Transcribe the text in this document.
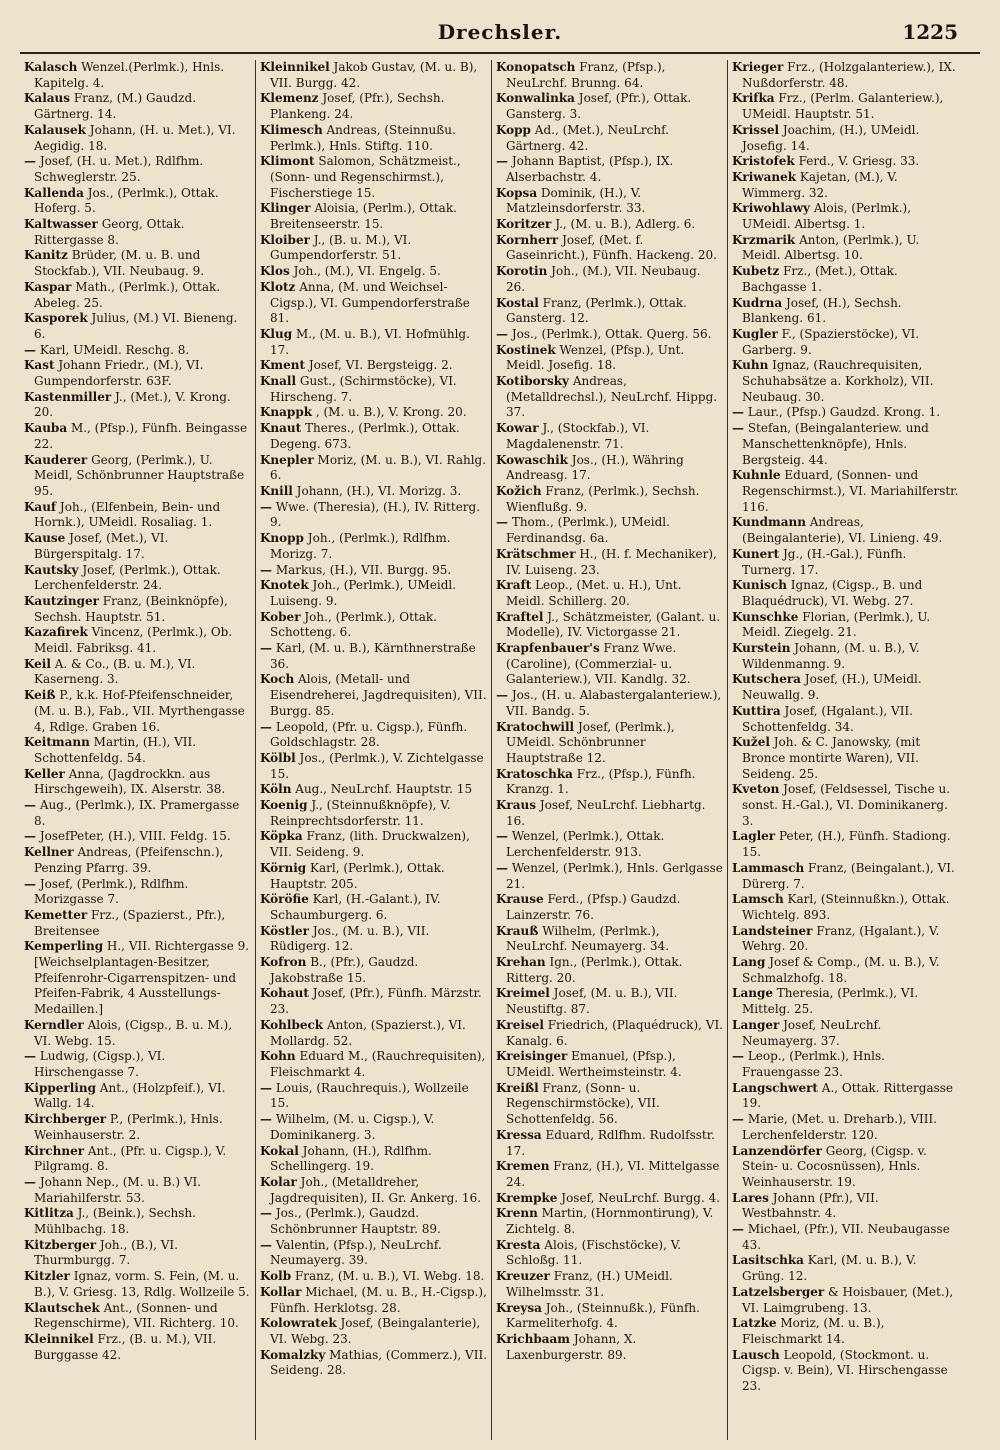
Drechsler.	1225
Kalasch Wenzel.(Perlmk.), Hnls. Kapitelg. 4.
Kalaus Franz, (M.) Gaudzd. Gärtnerg. 14.
Kalausek Johann, (H. u. Met.), VI. Aegidig. 18.
— Josef, (H. u. Met.), Rdlfhm. Schweglerstr. 25.
Kallenda Jos., (Perlmk.), Ottak. Hoferg. 5.
Kaltwasser Georg, Ottak. Rittergasse 8.
Kanitz Brüder, (M. u. B. und Stockfab.), VII. Neubaug. 9.
Kaspar Math., (Perlmk.), Ottak. Abeleg. 25.
Kasporek Julius, (M.) VI. Bieneng. 6.
— Karl, UMeidl. Reschg. 8.
Kast Johann Friedr., (M.), VI. Gumpendorferstr. 63F.
Kastenmiller J., (Met.), V. Krong. 20.
Kauba M., (Pfsp.), Fünfh. Beingasse 22.
Kauderer Georg, (Perlmk.), U. Meidl, Schönbrunner Hauptstraße 95.
Kauf Joh., (Elfenbein, Bein- und Hornk.), UMeidl. Rosaliag. 1.
Kause Josef, (Met.), VI. Bürgerspitalg. 17.
Kautsky Josef, (Perlmk.), Ottak. Lerchenfelderstr. 24.
Kautzinger Franz, (Beinknöpfe), Sechsh. Hauptstr. 51.
Kazafirek Vincenz, (Perlmk.), Ob. Meidl. Fabriksg. 41.
Keil A. & Co., (B. u. M.), VI. Kaserneng. 3.
Keiß P., k.k. Hof-Pfeifenschneider, (M. u. B.), Fab., VII. Myrthengasse 4, Rdlge. Graben 16.
Keitmann Martin, (H.), VII. Schottenfeldg. 54.
Keller Anna, (Jagdrockkn. aus Hirschgeweih), IX. Alserstr. 38.
— Aug., (Perlmk.), IX. Pramergasse 8.
— JosefPeter, (H.), VIII. Feldg. 15.
Kellner Andreas, (Pfeifenschn.), Penzing Pfarrg. 39.
— Josef, (Perlmk.), Rdlfhm. Morizgasse 7.
Kemetter Frz., (Spazierst., Pfr.), Breitensee
Kemperling H., VII. Richtergasse 9. [Weichselplantagen-Besitzer, Pfeifenrohr-Cigarrenspitzen- und Pfeifen-Fabrik, 4 Ausstellungs-Medaillen.]
Kerndler Alois, (Cigsp., B. u. M.), VI. Webg. 15.
— Ludwig, (Cigsp.), VI. Hirschengasse 7.
Kipperling Ant., (Holzpfeif.), VI. Wallg. 14.
Kirchberger P., (Perlmk.), Hnls. Weinhauserstr. 2.
Kirchner Ant., (Pfr. u. Cigsp.), V. Pilgramg. 8.
— Johann Nep., (M. u. B.) VI. Mariahilferstr. 53.
Kitlitza J., (Beink.), Sechsh. Mühlbachg. 18.
Kitzberger Joh., (B.), VI. Thurmburgg. 7.
Kitzler Ignaz, vorm. S. Fein, (M. u. B.), V. Griesg. 13, Rdlg. Wollzeile 5.
Klautschek Ant., (Sonnen- und Regenschirme), VII. Richterg. 10.
Kleinnikel Frz., (B. u. M.), VII. Burggasse 42.
Kleinnikel Jakob Gustav, (M. u. B), VII. Burgg. 42.
Klemenz Josef, (Pfr.), Sechsh. Plankeng. 24.
Klimesch Andreas, (Steinnußu. Perlmk.), Hnls. Stiftg. 110.
Klimont Salomon, Schätzmeist., (Sonn- und Regenschirmst.), Fischerstiege 15.
Klinger Aloisia, (Perlm.), Ottak. Breitenseerstr. 15.
Kloiber J., (B. u. M.), VI. Gumpendorferstr. 51.
Klos Joh., (M.), VI. Engelg. 5.
Klotz Anna, (M. und Weichsel-Cigsp.), VI. Gumpendorferstraße 81.
Klug M., (M. u. B.), VI. Hofmühlg. 17.
Kment Josef, VI. Bergsteigg. 2.
Knall Gust., (Schirmstöcke), VI. Hirscheng. 7.
Knappk , (M. u. B.), V. Krong. 20.
Knaut Theres., (Perlmk.), Ottak. Degeng. 673.
Knepler Moriz, (M. u. B.), VI. Rahlg. 6.
Knill Johann, (H.), VI. Morizg. 3.
— Wwe. (Theresia), (H.), IV. Ritterg. 9.
Knopp Joh., (Perlmk.), Rdlfhm. Morizg. 7.
— Markus, (H.), VII. Burgg. 95.
Knotek Joh., (Perlmk.), UMeidl. Luiseng. 9.
Kober Joh., (Perlmk.), Ottak. Schotteng. 6.
— Karl, (M. u. B.), Kärnthnerstraße 36.
Koch Alois, (Metall- und Eisendreherei, Jagdrequisiten), VII. Burgg. 85.
— Leopold, (Pfr. u. Cigsp.), Fünfh. Goldschlagstr. 28.
Kölbl Jos., (Perlmk.), V. Zichtelgasse 15.
Köln Aug., NeuLrchf. Hauptstr. 15
Koenig J., (Steinnußknöpfe), V. Reinprechtsdorferstr. 11.
Köpka Franz, (lith. Druckwalzen), VII. Seideng. 9.
Körnig Karl, (Perlmk.), Ottak. Hauptstr. 205.
Köröfie Karl, (H.-Galant.), IV. Schaumburgerg. 6.
Köstler Jos., (M. u. B.), VII. Rüdigerg. 12.
Kofron B., (Pfr.), Gaudzd. Jakobstraße 15.
Kohaut Josef, (Pfr.), Fünfh. Märzstr. 23.
Kohlbeck Anton, (Spazierst.), VI. Mollardg. 52.
Kohn Eduard M., (Rauchrequisiten), Fleischmarkt 4.
— Louis, (Rauchrequis.), Wollzeile 15.
— Wilhelm, (M. u. Cigsp.), V. Dominikanerg. 3.
Kokal Johann, (H.), Rdlfhm. Schellingerg. 19.
Kolar Joh., (Metalldreher, Jagdrequisiten), II. Gr. Ankerg. 16.
— Jos., (Perlmk.), Gaudzd. Schönbrunner Hauptstr. 89.
— Valentin, (Pfsp.), NeuLrchf. Neumayerg. 39.
Kolb Franz, (M. u. B.), VI. Webg. 18.
Kollar Michael, (M. u. B., H.-Cigsp.), Fünfh. Herklotsg. 28.
Kolowratek Josef, (Beingalanterie), VI. Webg. 23.
Komalzky Mathias, (Commerz.), VII. Seideng. 28.
Konopatsch Franz, (Pfsp.), NeuLrchf. Brunng. 64.
Konwalinka Josef, (Pfr.), Ottak. Gansterg. 3.
Kopp Ad., (Met.), NeuLrchf. Gärtnerg. 42.
— Johann Baptist, (Pfsp.), IX. Alserbachstr. 4.
Kopsa Dominik, (H.), V. Matzleinsdorferstr. 33.
Koritzer J., (M. u. B.), Adlerg. 6.
Kornherr Josef, (Met. f. Gaseinricht.), Fünfh. Hackeng. 20.
Korotin Joh., (M.), VII. Neubaug. 26.
Kostal Franz, (Perlmk.), Ottak. Gansterg. 12.
— Jos., (Perlmk.), Ottak. Querg. 56.
Kostinek Wenzel, (Pfsp.), Unt. Meidl. Josefig. 18.
Kotiborsky Andreas, (Metalldrechsl.), NeuLrchf. Hippg. 37.
Kowar J., (Stockfab.), VI. Magdalenenstr. 71.
Kowaschik Jos., (H.), Währing Andreasg. 17.
Kožich Franz, (Perlmk.), Sechsh. Wienflußg. 9.
— Thom., (Perlmk.), UMeidl. Ferdinandsg. 6a.
Krätschmer H., (H. f. Mechaniker), IV. Luiseng. 23.
Kraft Leop., (Met. u. H.), Unt. Meidl. Schillerg. 20.
Kraftel J., Schätzmeister, (Galant. u. Modelle), IV. Victorgasse 21.
Krapfenbauer's Franz Wwe. (Caroline), (Commerzial- u. Galanteriew.), VII. Kandlg. 32.
— Jos., (H. u. Alabastergalanteriew.), VII. Bandg. 5.
Kratochwill Josef, (Perlmk.), UMeidl. Schönbrunner Hauptstraße 12.
Kratoschka Frz., (Pfsp.), Fünfh. Kranzg. 1.
Kraus Josef, NeuLrchf. Liebhartg. 16.
— Wenzel, (Perlmk.), Ottak. Lerchenfelderstr. 913.
— Wenzel, (Perlmk.), Hnls. Gerlgasse 21.
Krause Ferd., (Pfsp.) Gaudzd. Lainzerstr. 76.
Krauß Wilhelm, (Perlmk.), NeuLrchf. Neumayerg. 34.
Krehan Ign., (Perlmk.), Ottak. Ritterg. 20.
Kreimel Josef, (M. u. B.), VII. Neustiftg. 87.
Kreisel Friedrich, (Plaquédruck), VI. Kanalg. 6.
Kreisinger Emanuel, (Pfsp.), UMeidl. Wertheimsteinstr. 4.
Kreißl Franz, (Sonn- u. Regenschirmstöcke), VII. Schottenfeldg. 56.
Kressa Eduard, Rdlfhm. Rudolfsstr. 17.
Kremen Franz, (H.), VI. Mittelgasse 24.
Krempke Josef, NeuLrchf. Burgg. 4.
Krenn Martin, (Hornmontirung), V. Zichtelg. 8.
Kresta Alois, (Fischstöcke), V. Schloßg. 11.
Kreuzer Franz, (H.) UMeidl. Wilhelmsstr. 31.
Kreysa Joh., (Steinnußk.), Fünfh. Karmeliterhofg. 4.
Krichbaam Johann, X. Laxenburgerstr. 89.
Krieger Frz., (Holzgalanteriew.), IX. Nußdorferstr. 48.
Krifka Frz., (Perlm. Galanteriew.), UMeidl. Hauptstr. 51.
Krissel Joachim, (H.), UMeidl. Josefig. 14.
Kristofek Ferd., V. Griesg. 33.
Kriwanek Kajetan, (M.), V. Wimmerg. 32.
Kriwohlawy Alois, (Perlmk.), UMeidl. Albertsg. 1.
Krzmarik Anton, (Perlmk.), U. Meidl. Albertsg. 10.
Kubetz Frz., (Met.), Ottak. Bachgasse 1.
Kudrna Josef, (H.), Sechsh. Blankeng. 61.
Kugler F., (Spazierstöcke), VI. Garberg. 9.
Kuhn Ignaz, (Rauchrequisiten, Schuhabsätze a. Korkholz), VII. Neubaug. 30.
— Laur., (Pfsp.) Gaudzd. Krong. 1.
— Stefan, (Beingalanteriew. und Manschettenknöpfe), Hnls. Bergsteig. 44.
Kuhnle Eduard, (Sonnen- und Regenschirmst.), VI. Mariahilferstr. 116.
Kundmann Andreas, (Beingalanterie), VI. Linieng. 49.
Kunert Jg., (H.-Gal.), Fünfh. Turnerg. 17.
Kunisch Ignaz, (Cigsp., B. und Blaquédruck), VI. Webg. 27.
Kunschke Florian, (Perlmk.), U. Meidl. Ziegelg. 21.
Kurstein Johann, (M. u. B.), V. Wildenmanng. 9.
Kutschera Josef, (H.), UMeidl. Neuwallg. 9.
Kuttira Josef, (Hgalant.), VII. Schottenfeldg. 34.
Kužel Joh. & C. Janowsky, (mit Bronce montirte Waren), VII. Seideng. 25.
Kveton Josef, (Feldsessel, Tische u. sonst. H.-Gal.), VI. Dominikanerg. 3.
Lagler Peter, (H.), Fünfh. Stadiong. 15.
Lammasch Franz, (Beingalant.), VI. Dürerg. 7.
Lamsch Karl, (Steinnußkn.), Ottak. Wichtelg. 893.
Landsteiner Franz, (Hgalant.), V. Wehrg. 20.
Lang Josef & Comp., (M. u. B.), V. Schmalzhofg. 18.
Lange Theresia, (Perlmk.), VI. Mittelg. 25.
Langer Josef, NeuLrchf. Neumayerg. 37.
— Leop., (Perlmk.), Hnls. Frauengasse 23.
Langschwert A., Ottak. Rittergasse 19.
— Marie, (Met. u. Dreharb.), VIII. Lerchenfelderstr. 120.
Lanzendörfer Georg, (Cigsp. v. Stein- u. Cocosnüssen), Hnls. Weinhauserstr. 19.
Lares Johann (Pfr.), VII. Westbahnstr. 4.
— Michael, (Pfr.), VII. Neubaugasse 43.
Lasitschka Karl, (M. u. B.), V. Grüng. 12.
Latzelsberger & Hoisbauer, (Met.), VI. Laimgrubeng. 13.
Latzke Moriz, (M. u. B.), Fleischmarkt 14.
Lausch Leopold, (Stockmont. u. Cigsp. v. Bein), VI. Hirschengasse 23.
